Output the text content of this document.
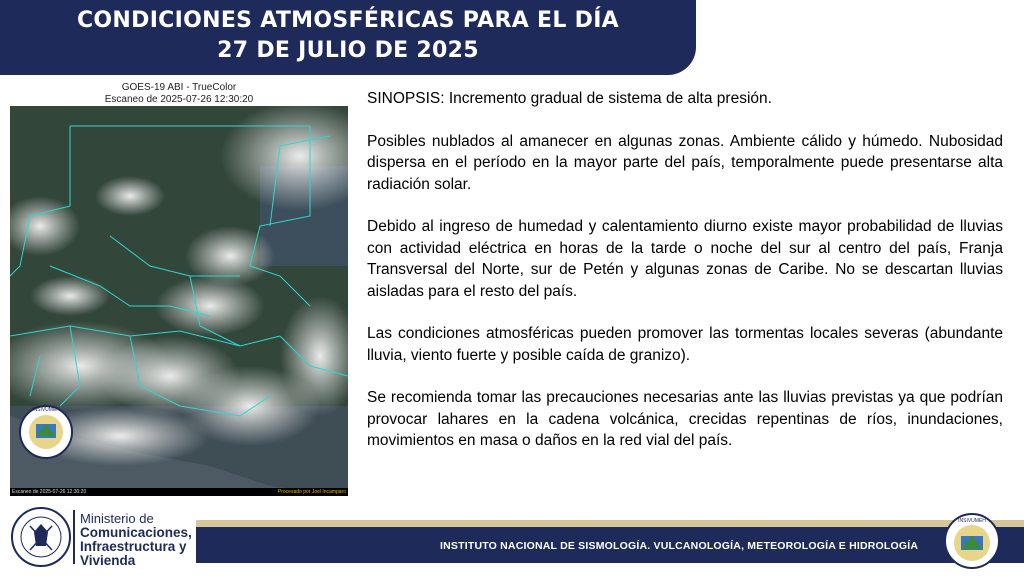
CONDICIONES ATMOSFÉRICAS PARA EL DÍA
27 DE JULIO DE 2025
GOES-19 ABI - TrueColor
Escaneo de 2025-07-26 12:30:20
INSIVUMEH
Escaneo de 2025-07-26 12:30:20	Procesado por Joel Incamparo

SINOPSIS: Incremento gradual de sistema de alta presión.

Posibles nublados al amanecer en algunas zonas. Ambiente cálido y húmedo. Nubosidad dispersa en el período en la mayor parte del país, temporalmente puede presentarse alta radiación solar.

Debido al ingreso de humedad y calentamiento diurno existe mayor probabilidad de lluvias con actividad eléctrica en horas de la tarde o noche del sur al centro del país, Franja Transversal del Norte, sur de Petén y algunas zonas de Caribe. No se descartan lluvias aisladas para el resto del país.

Las condiciones atmosféricas pueden promover las tormentas locales severas (abundante lluvia, viento fuerte y posible caída de granizo).

Se recomienda tomar las precauciones necesarias ante las lluvias previstas ya que podrían provocar lahares en la cadena volcánica, crecidas repentinas de ríos, inundaciones, movimientos en masa o daños en la red vial del país.

Ministerio de
Comunicaciones,
Infraestructura y
Vivienda
INSTITUTO NACIONAL DE SISMOLOGÍA. VULCANOLOGÍA, METEOROLOGÍA E HIDROLOGÍA
INSIVUMEH
